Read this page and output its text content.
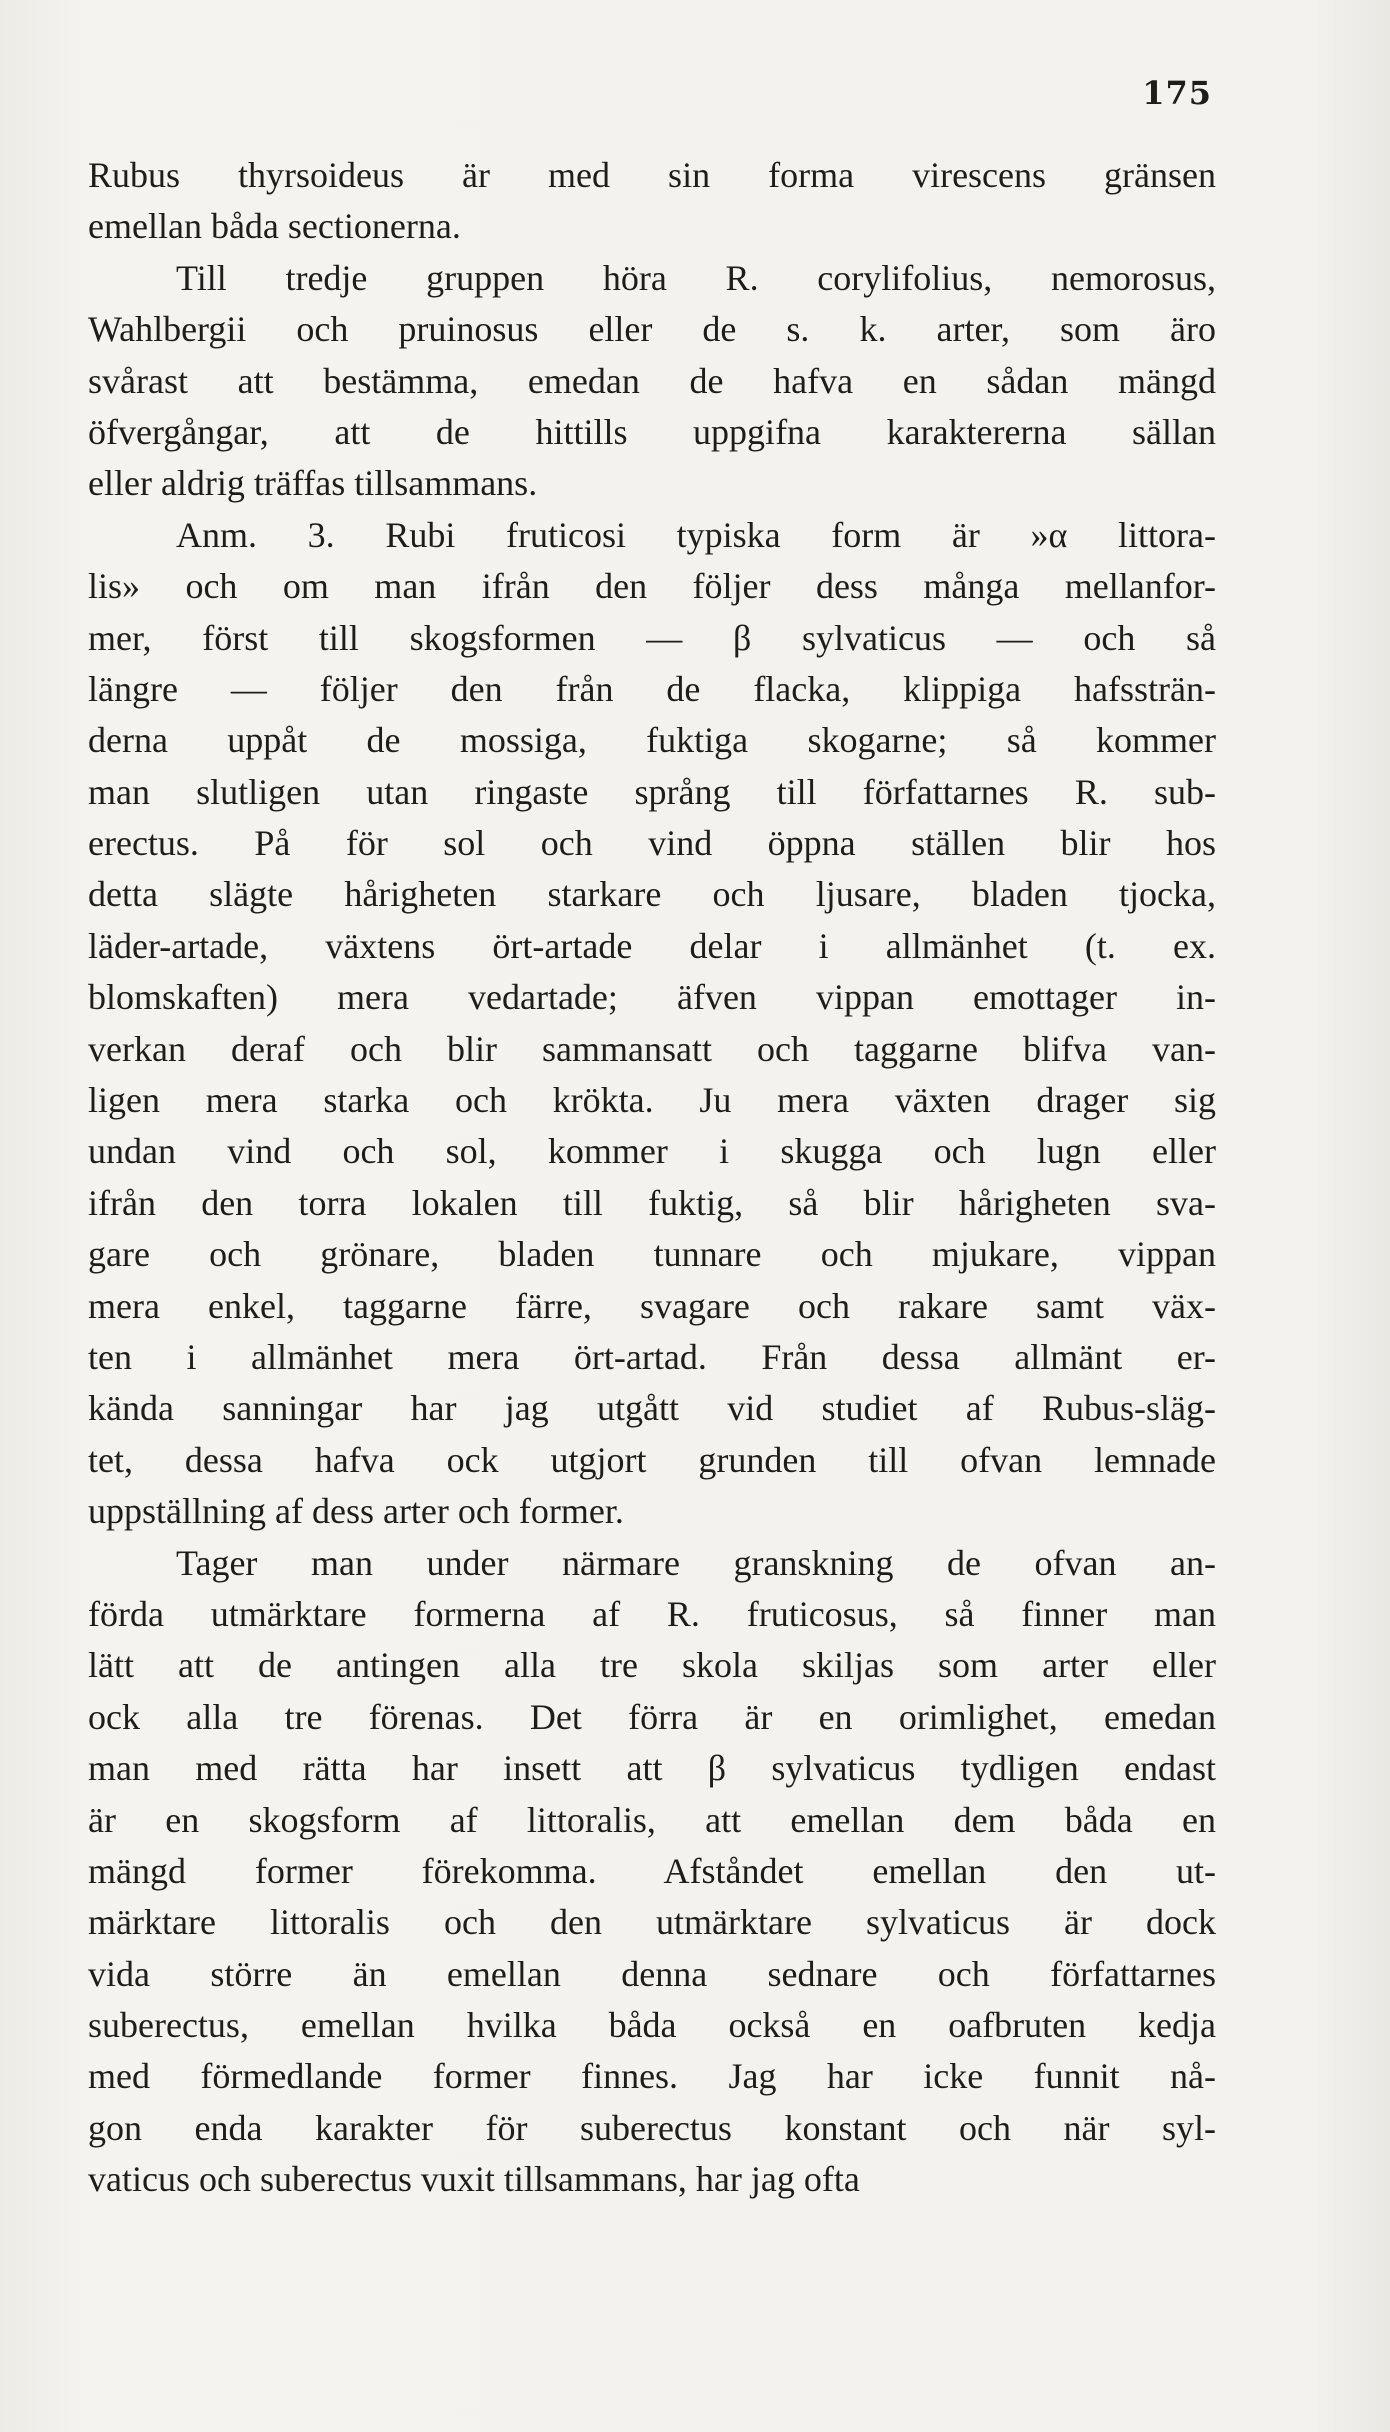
175
Rubus thyrsoideus är med sin forma virescens gränsen
emellan båda sectionerna.
Till tredje gruppen höra R. corylifolius, nemorosus,
Wahlbergii och pruinosus eller de s. k. arter, som äro
svårast att bestämma, emedan de hafva en sådan mängd
öfvergångar, att de hittills uppgifna karaktererna sällan
eller aldrig träffas tillsammans.
Anm. 3. Rubi fruticosi typiska form är »α littora-
lis» och om man ifrån den följer dess många mellanfor-
mer, först till skogsformen — β sylvaticus — och så
längre — följer den från de flacka, klippiga hafssträn-
derna uppåt de mossiga, fuktiga skogarne; så kommer
man slutligen utan ringaste språng till författarnes R. sub-
erectus. På för sol och vind öppna ställen blir hos
detta slägte hårigheten starkare och ljusare, bladen tjocka,
läder-artade, växtens ört-artade delar i allmänhet (t. ex.
blomskaften) mera vedartade; äfven vippan emottager in-
verkan deraf och blir sammansatt och taggarne blifva van-
ligen mera starka och krökta. Ju mera växten drager sig
undan vind och sol, kommer i skugga och lugn eller
ifrån den torra lokalen till fuktig, så blir hårigheten sva-
gare och grönare, bladen tunnare och mjukare, vippan
mera enkel, taggarne färre, svagare och rakare samt väx-
ten i allmänhet mera ört-artad. Från dessa allmänt er-
kända sanningar har jag utgått vid studiet af Rubus-släg-
tet, dessa hafva ock utgjort grunden till ofvan lemnade
uppställning af dess arter och former.
Tager man under närmare granskning de ofvan an-
förda utmärktare formerna af R. fruticosus, så finner man
lätt att de antingen alla tre skola skiljas som arter eller
ock alla tre förenas. Det förra är en orimlighet, emedan
man med rätta har insett att β sylvaticus tydligen endast
är en skogsform af littoralis, att emellan dem båda en
mängd former förekomma. Afståndet emellan den ut-
märktare littoralis och den utmärktare sylvaticus är dock
vida större än emellan denna sednare och författarnes
suberectus, emellan hvilka båda också en oafbruten kedja
med förmedlande former finnes. Jag har icke funnit nå-
gon enda karakter för suberectus konstant och när syl-
vaticus och suberectus vuxit tillsammans, har jag ofta
